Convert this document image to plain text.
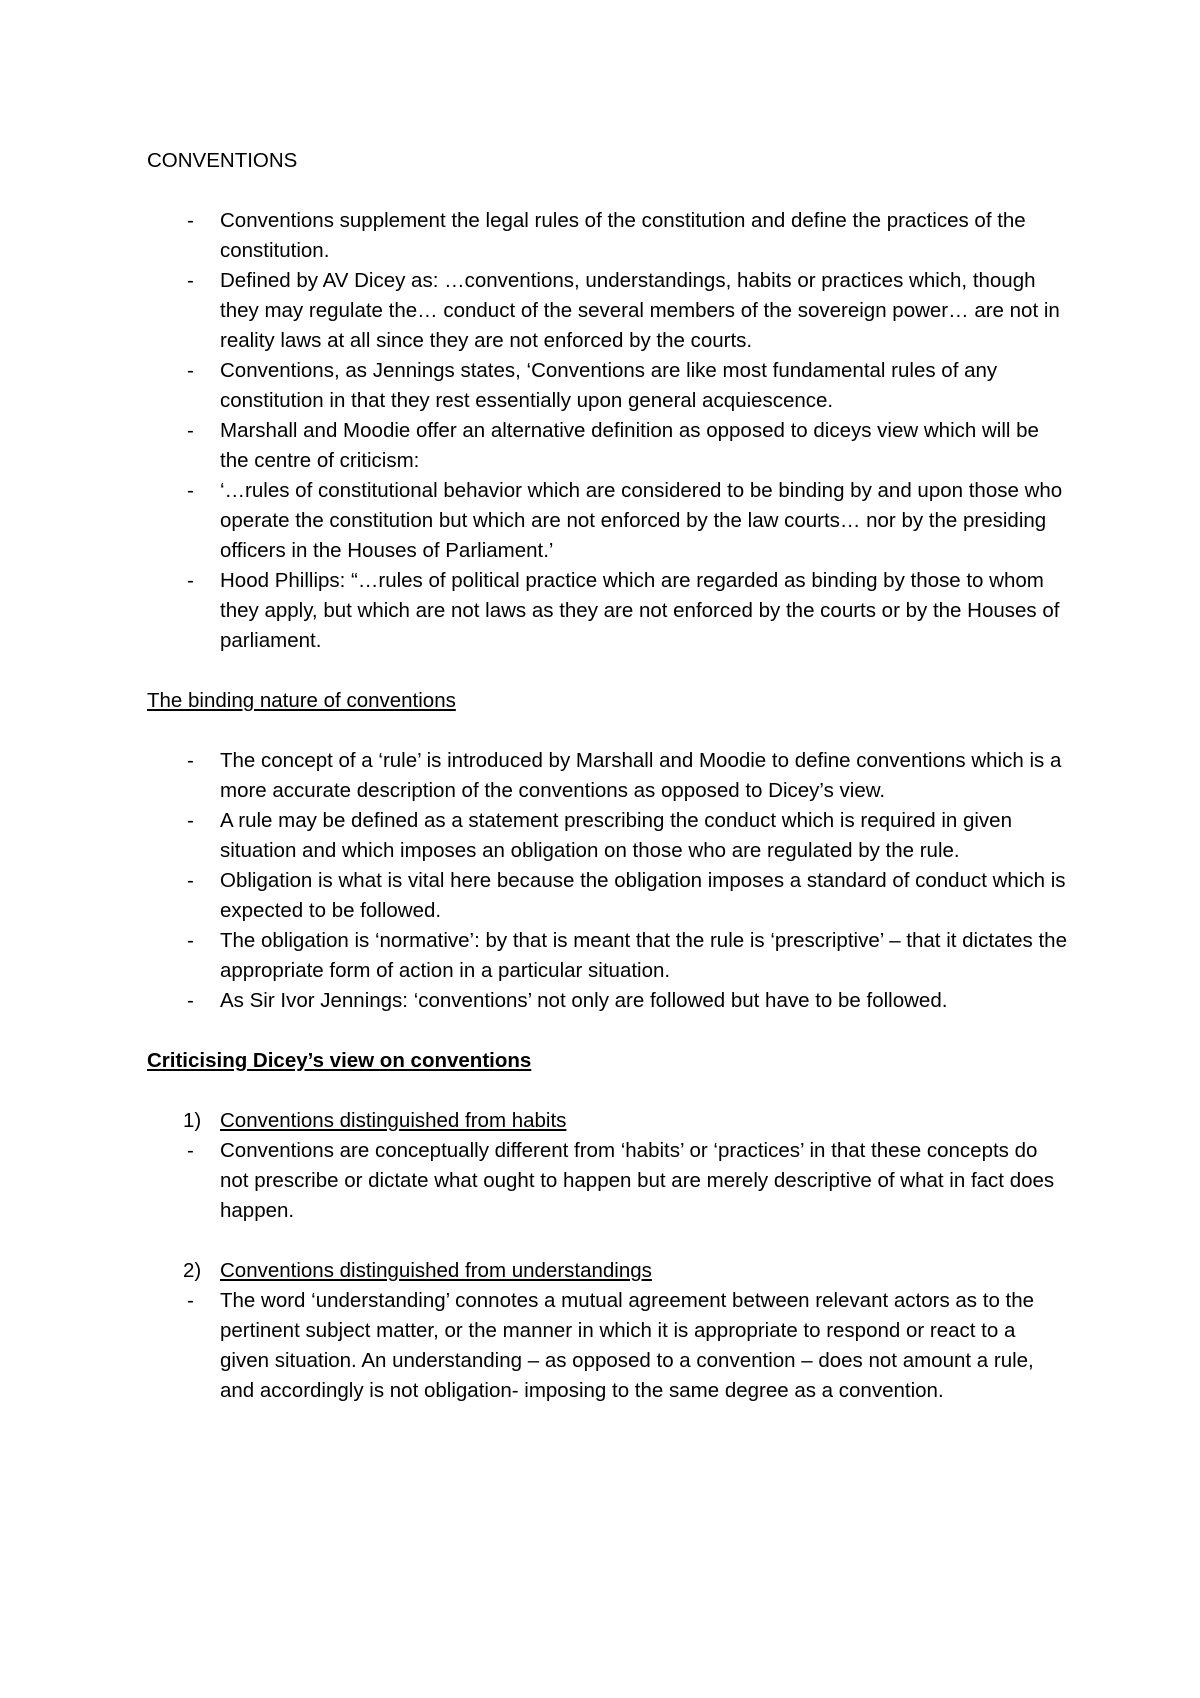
CONVENTIONS
- Conventions supplement the legal rules of the constitution and define the practices of the constitution.
- Defined by AV Dicey as: …conventions, understandings, habits or practices which, though they may regulate the… conduct of the several members of the sovereign power… are not in reality laws at all since they are not enforced by the courts.
- Conventions, as Jennings states, ‘Conventions are like most fundamental rules of any constitution in that they rest essentially upon general acquiescence.
- Marshall and Moodie offer an alternative definition as opposed to diceys view which will be the centre of criticism:
- ‘…rules of constitutional behavior which are considered to be binding by and upon those who operate the constitution but which are not enforced by the law courts… nor by the presiding officers in the Houses of Parliament.’
- Hood Phillips: “…rules of political practice which are regarded as binding by those to whom they apply, but which are not laws as they are not enforced by the courts or by the Houses of parliament.
The binding nature of conventions
- The concept of a ‘rule’ is introduced by Marshall and Moodie to define conventions which is a more accurate description of the conventions as opposed to Dicey’s view.
- A rule may be defined as a statement prescribing the conduct which is required in given situation and which imposes an obligation on those who are regulated by the rule.
- Obligation is what is vital here because the obligation imposes a standard of conduct which is expected to be followed.
- The obligation is ‘normative’: by that is meant that the rule is ‘prescriptive’ – that it dictates the appropriate form of action in a particular situation.
- As Sir Ivor Jennings: ‘conventions’ not only are followed but have to be followed.
Criticising Dicey’s view on conventions
1) Conventions distinguished from habits
- Conventions are conceptually different from ‘habits’ or ‘practices’ in that these concepts do not prescribe or dictate what ought to happen but are merely descriptive of what in fact does happen.
2) Conventions distinguished from understandings
- The word ‘understanding’ connotes a mutual agreement between relevant actors as to the pertinent subject matter, or the manner in which it is appropriate to respond or react to a given situation. An understanding – as opposed to a convention – does not amount a rule, and accordingly is not obligation- imposing to the same degree as a convention.
